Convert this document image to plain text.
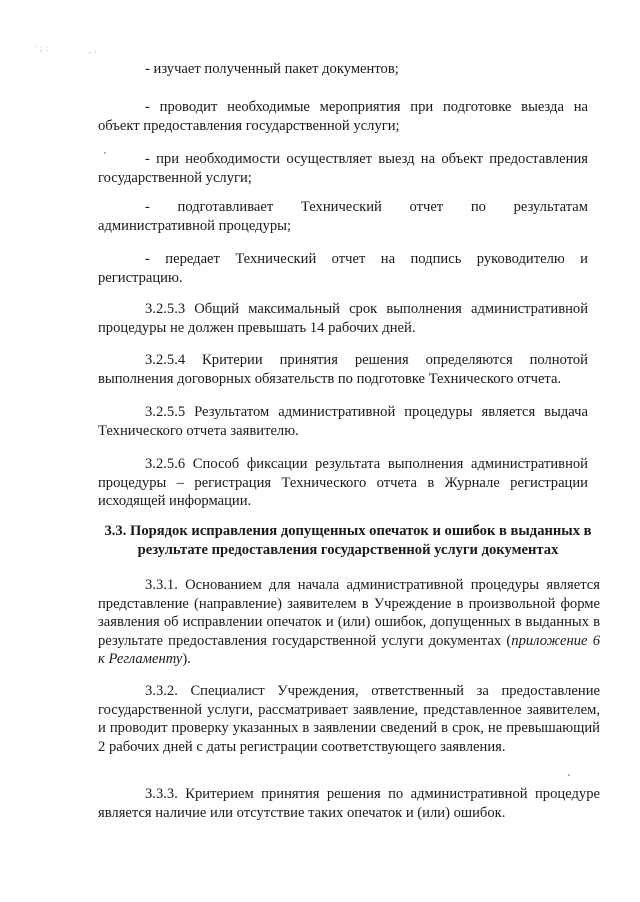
· ; :	- ·

- изучает полученный пакет документов;

- проводит необходимые мероприятия при подготовке выезда на объект предоставления государственной услуги;

- при необходимости осуществляет выезд на объект предоставления государственной услуги;

- подготавливает Технический отчет по результатам административной процедуры;

- передает Технический отчет на подпись руководителю и регистрацию.

3.2.5.3 Общий максимальный срок выполнения административной процедуры не должен превышать 14 рабочих дней.

3.2.5.4 Критерии принятия решения определяются полнотой выполнения договорных обязательств по подготовке Технического отчета.

3.2.5.5 Результатом административной процедуры является выдача Технического отчета заявителю.

3.2.5.6 Способ фиксации результата выполнения административной процедуры – регистрация Технического отчета в Журнале регистрации исходящей информации.

3.3. Порядок исправления допущенных опечаток и ошибок в выданных в результате предоставления государственной услуги документах

3.3.1. Основанием для начала административной процедуры является представление (направление) заявителем в Учреждение в произвольной форме заявления об исправлении опечаток и (или) ошибок, допущенных в выданных в результате предоставления государственной услуги документах (приложение 6 к Регламенту).

3.3.2. Специалист Учреждения, ответственный за предоставление государственной услуги, рассматривает заявление, представленное заявителем, и проводит проверку указанных в заявлении сведений в срок, не превышающий 2 рабочих дней с даты регистрации соответствующего заявления.

3.3.3. Критерием принятия решения по административной процедуре является наличие или отсутствие таких опечаток и (или) ошибок.
